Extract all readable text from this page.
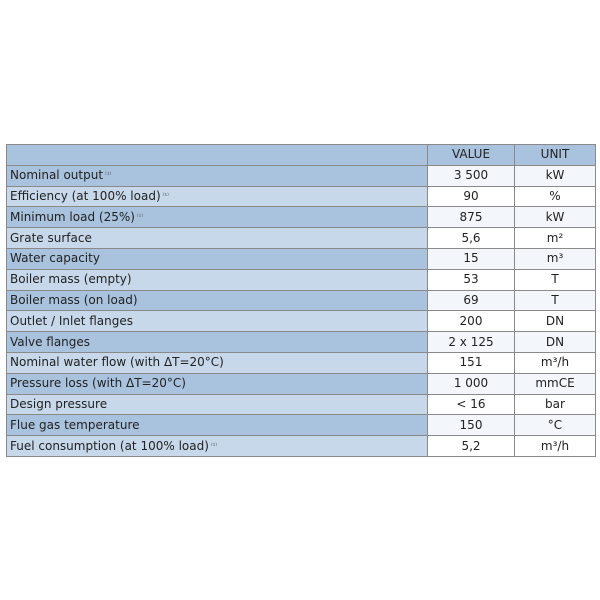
	VALUE	UNIT
Nominal output $^{^{(1)}}$	3 500	kW
Efficiency (at 100% load) $^{^{(1)}}$	90	%
Minimum load (25%) $^{^{(1)}}$	875	kW
Grate surface	5,6	m²
Water capacity	15	m³
Boiler mass (empty)	53	T
Boiler mass (on load)	69	T
Outlet / Inlet flanges	200	DN
Valve flanges	2 x 125	DN
Nominal water flow (with ΔT=20°C)	151	m³/h
Pressure loss (with ΔT=20°C)	1 000	mmCE
Design pressure	< 16	bar
Flue gas temperature	150	°C
Fuel consumption (at 100% load) $^{^{(1)}}$	5,2	m³/h
